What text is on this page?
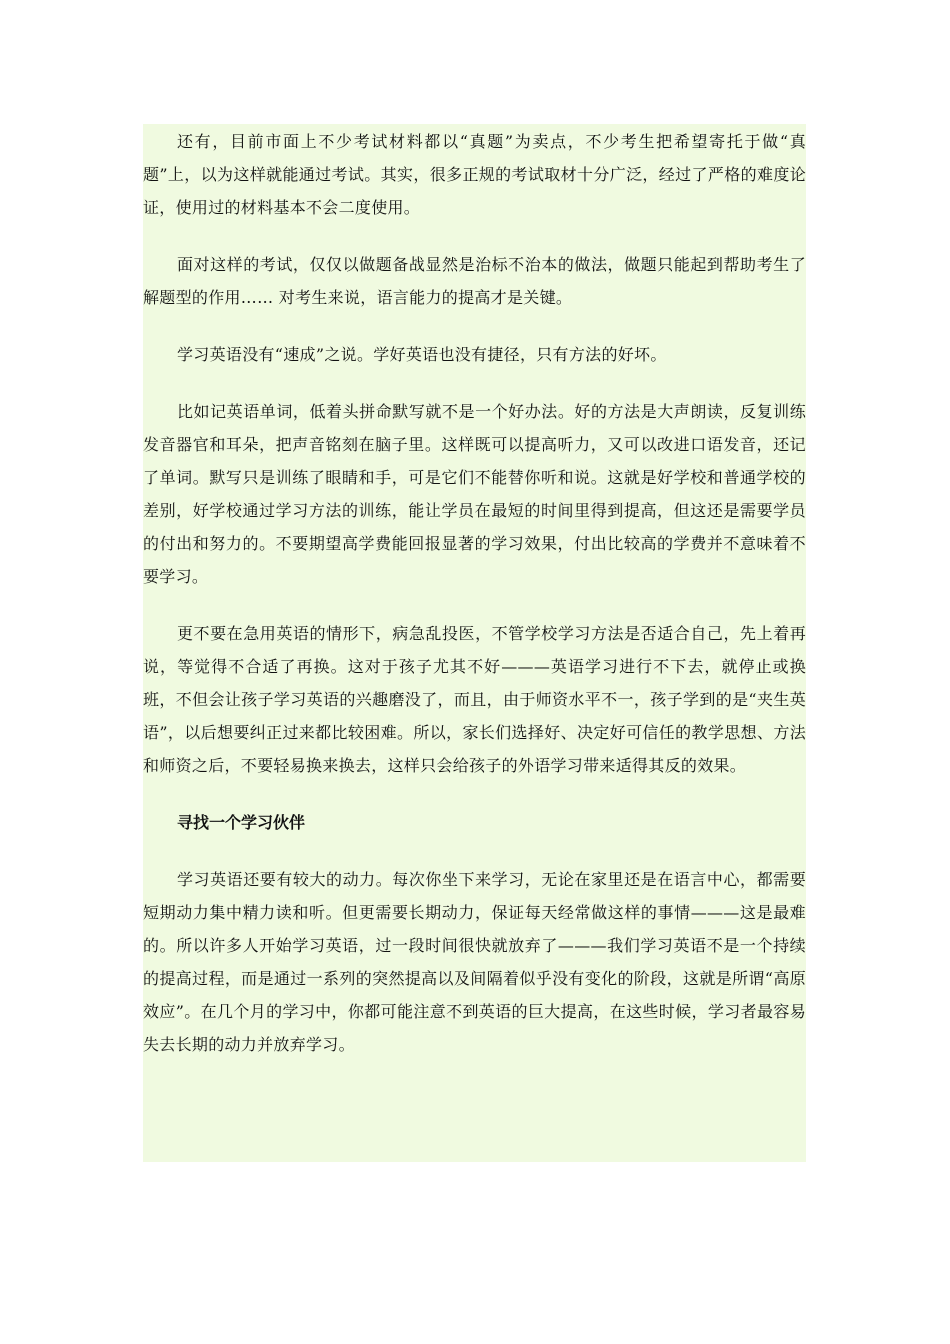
还有，目前市面上不少考试材料都以“真题”为卖点，不少考生把希望寄托于做“真题”上，以为这样就能通过考试。其实，很多正规的考试取材十分广泛，经过了严格的难度论证，使用过的材料基本不会二度使用。

面对这样的考试，仅仅以做题备战显然是治标不治本的做法，做题只能起到帮助考生了解题型的作用…… 对考生来说，语言能力的提高才是关键。

学习英语没有“速成”之说。学好英语也没有捷径，只有方法的好坏。

比如记英语单词，低着头拼命默写就不是一个好办法。好的方法是大声朗读，反复训练发音器官和耳朵，把声音铭刻在脑子里。这样既可以提高听力，又可以改进口语发音，还记了单词。默写只是训练了眼睛和手，可是它们不能替你听和说。这就是好学校和普通学校的差别，好学校通过学习方法的训练，能让学员在最短的时间里得到提高，但这还是需要学员的付出和努力的。不要期望高学费能回报显著的学习效果，付出比较高的学费并不意味着不要学习。

更不要在急用英语的情形下，病急乱投医，不管学校学习方法是否适合自己，先上着再说，等觉得不合适了再换。这对于孩子尤其不好———英语学习进行不下去，就停止或换班，不但会让孩子学习英语的兴趣磨没了，而且，由于师资水平不一，孩子学到的是“夹生英语”，以后想要纠正过来都比较困难。所以，家长们选择好、决定好可信任的教学思想、方法和师资之后，不要轻易换来换去，这样只会给孩子的外语学习带来适得其反的效果。

寻找一个学习伙伴

学习英语还要有较大的动力。每次你坐下来学习，无论在家里还是在语言中心，都需要短期动力集中精力读和听。但更需要长期动力，保证每天经常做这样的事情———这是最难的。所以许多人开始学习英语，过一段时间很快就放弃了———我们学习英语不是一个持续的提高过程，而是通过一系列的突然提高以及间隔着似乎没有变化的阶段，这就是所谓“高原效应”。在几个月的学习中，你都可能注意不到英语的巨大提高，在这些时候，学习者最容易失去长期的动力并放弃学习。
